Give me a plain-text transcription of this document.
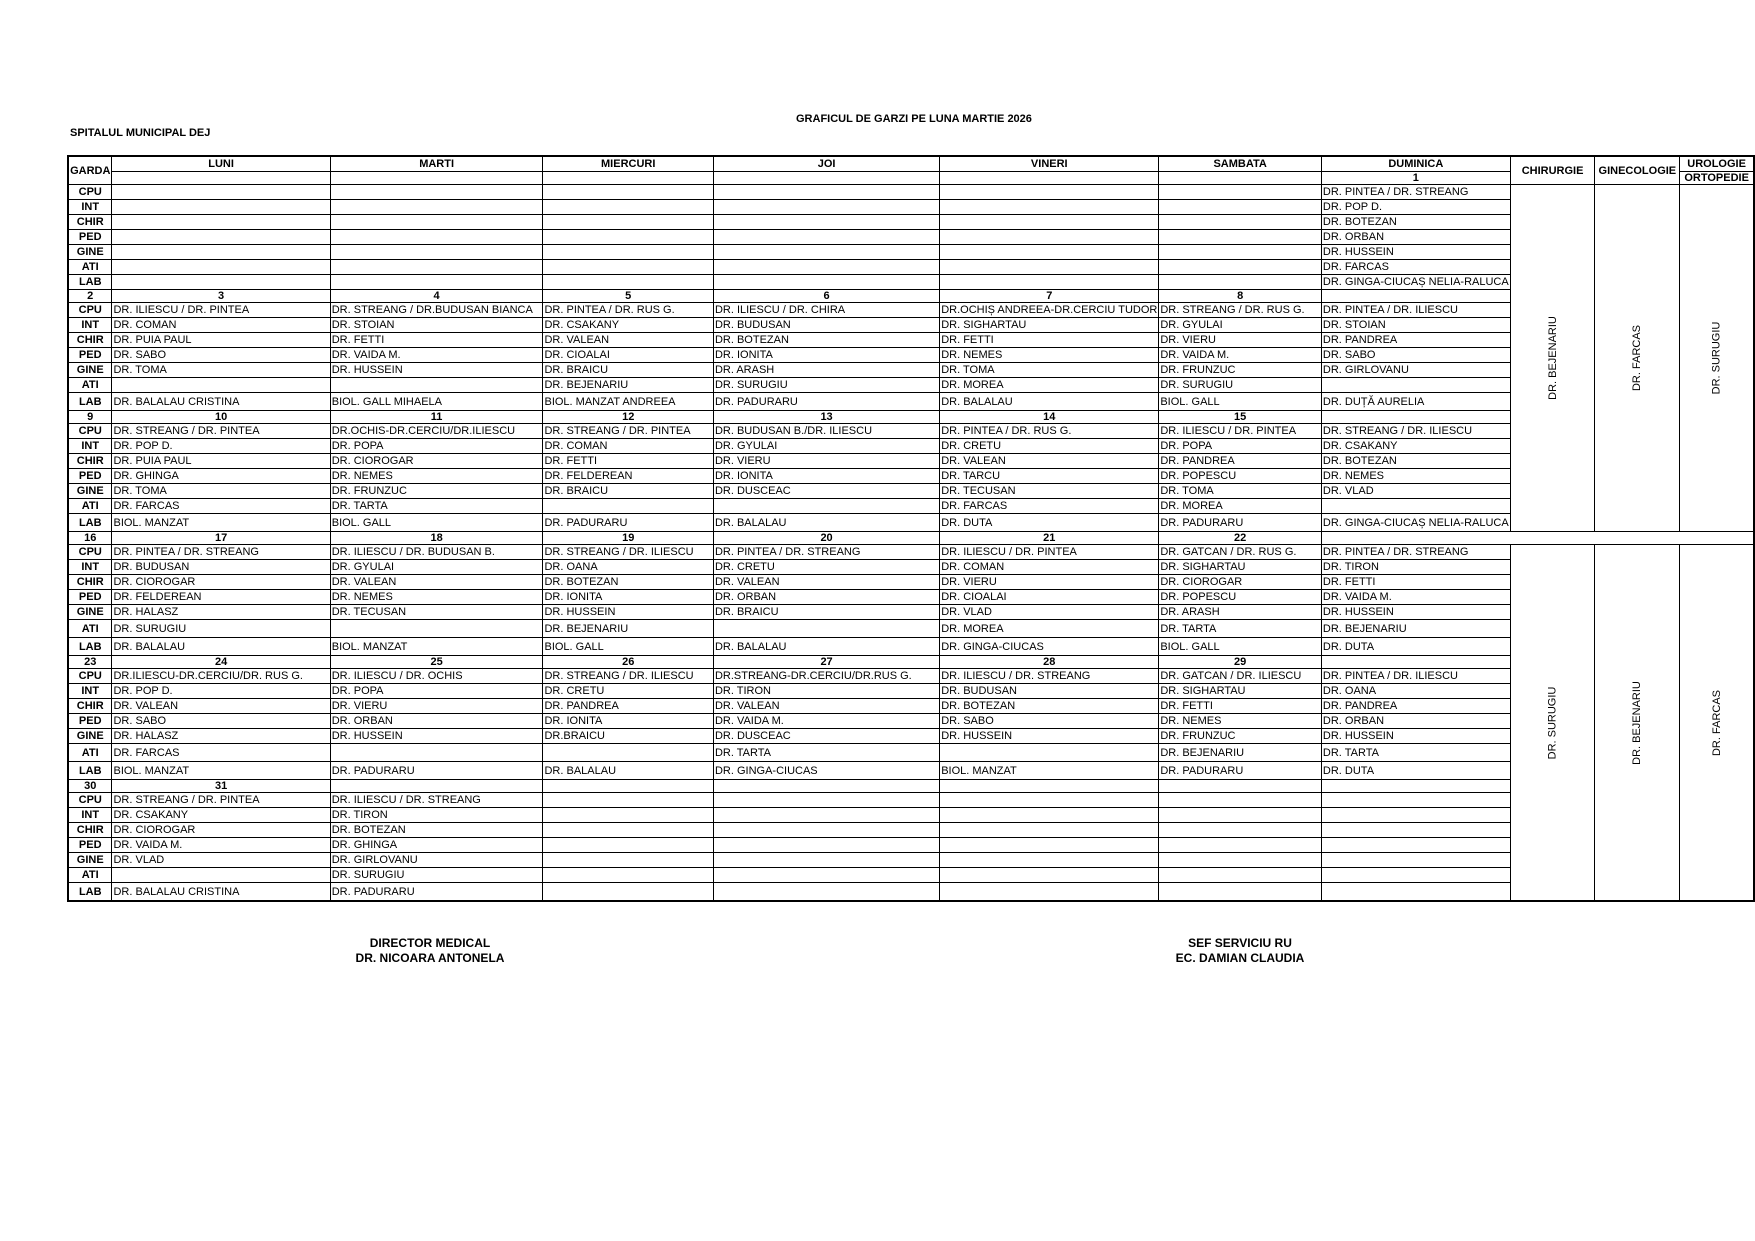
GRAFICUL DE GARZI PE LUNA MARTIE 2026
SPITALUL MUNICIPAL DEJ
GARDA	LUNI	MARTI	MIERCURI	JOI	VINERI	SAMBATA	DUMINICA	CHIRURGIE	GINECOLOGIE	UROLOGIE
							1			ORTOPEDIE
CPU							DR. PINTEA / DR. STREANG	DR. BEJENARIU	DR. FARCAS	DR. SURUGIU
INT							DR. POP D.			
CHIR							DR. BOTEZAN			
PED							DR. ORBAN			
GINE							DR. HUSSEIN			
ATI							DR. FARCAS			
LAB							DR. GINGA-CIUCAȘ NELIA-RALUCA			
2	3	4	5	6	7	8				
CPU	DR. ILIESCU / DR. PINTEA	DR. STREANG / DR.BUDUSAN BIANCA	DR. PINTEA / DR. RUS G.	DR. ILIESCU / DR. CHIRA	DR.OCHIȘ ANDREEA-DR.CERCIU TUDOR	DR. STREANG / DR. RUS G.	DR. PINTEA / DR. ILIESCU			
INT	DR. COMAN	DR. STOIAN	DR. CSAKANY	DR. BUDUSAN	DR. SIGHARTAU	DR. GYULAI	DR. STOIAN			
CHIR	DR. PUIA PAUL	DR. FETTI	DR. VALEAN	DR. BOTEZAN	DR. FETTI	DR. VIERU	DR. PANDREA			
PED	DR. SABO	DR. VAIDA M.	DR. CIOALAI	DR. IONITA	DR. NEMES	DR. VAIDA M.	DR. SABO			
GINE	DR. TOMA	DR. HUSSEIN	DR. BRAICU	DR. ARASH	DR. TOMA	DR. FRUNZUC	DR. GIRLOVANU			
ATI			DR. BEJENARIU	DR. SURUGIU	DR. MOREA	DR. SURUGIU				
LAB	DR. BALALAU CRISTINA	BIOL. GALL MIHAELA	BIOL. MANZAT ANDREEA	DR. PADURARU	DR. BALALAU	BIOL. GALL	DR. DUȚĂ AURELIA			
9	10	11	12	13	14	15				
CPU	DR. STREANG / DR. PINTEA	DR.OCHIS-DR.CERCIU/DR.ILIESCU	DR. STREANG / DR. PINTEA	DR. BUDUSAN B./DR. ILIESCU	DR. PINTEA / DR. RUS G.	DR. ILIESCU / DR. PINTEA	DR. STREANG / DR. ILIESCU			
INT	DR. POP D.	DR. POPA	DR. COMAN	DR. GYULAI	DR. CRETU	DR. POPA	DR. CSAKANY			
CHIR	DR. PUIA PAUL	DR. CIOROGAR	DR. FETTI	DR. VIERU	DR. VALEAN	DR. PANDREA	DR. BOTEZAN			
PED	DR. GHINGA	DR. NEMES	DR. FELDEREAN	DR. IONITA	DR. TARCU	DR. POPESCU	DR. NEMES			
GINE	DR. TOMA	DR. FRUNZUC	DR. BRAICU	DR. DUSCEAC	DR. TECUSAN	DR. TOMA	DR. VLAD			
ATI	DR. FARCAS	DR. TARTA			DR. FARCAS	DR. MOREA				
LAB	BIOL. MANZAT	BIOL. GALL	DR. PADURARU	DR. BALALAU	DR. DUTA	DR. PADURARU	DR. GINGA-CIUCAȘ NELIA-RALUCA			
16	17	18	19	20	21	22				
CPU	DR. PINTEA / DR. STREANG	DR. ILIESCU / DR. BUDUSAN B.	DR. STREANG / DR. ILIESCU	DR. PINTEA / DR. STREANG	DR. ILIESCU / DR. PINTEA	DR. GATCAN / DR. RUS G.	DR. PINTEA / DR. STREANG	DR. SURUGIU	DR. BEJENARIU	DR. FARCAS
INT	DR. BUDUSAN	DR. GYULAI	DR. OANA	DR. CRETU	DR. COMAN	DR. SIGHARTAU	DR. TIRON			
CHIR	DR. CIOROGAR	DR. VALEAN	DR. BOTEZAN	DR. VALEAN	DR. VIERU	DR. CIOROGAR	DR. FETTI			
PED	DR. FELDEREAN	DR. NEMES	DR. IONITA	DR. ORBAN	DR. CIOALAI	DR. POPESCU	DR. VAIDA M.			
GINE	DR. HALASZ	DR. TECUSAN	DR. HUSSEIN	DR. BRAICU	DR. VLAD	DR. ARASH	DR. HUSSEIN			
ATI	DR. SURUGIU		DR. BEJENARIU		DR. MOREA	DR. TARTA	DR. BEJENARIU			
LAB	DR. BALALAU	BIOL. MANZAT	BIOL. GALL	DR. BALALAU	DR. GINGA-CIUCAS	BIOL. GALL	DR. DUTA			
23	24	25	26	27	28	29				
CPU	DR.ILIESCU-DR.CERCIU/DR. RUS G.	DR. ILIESCU / DR. OCHIS	DR. STREANG / DR. ILIESCU	DR.STREANG-DR.CERCIU/DR.RUS G.	DR. ILIESCU / DR. STREANG	DR. GATCAN / DR. ILIESCU	DR. PINTEA / DR. ILIESCU			
INT	DR. POP D.	DR. POPA	DR. CRETU	DR. TIRON	DR. BUDUSAN	DR. SIGHARTAU	DR. OANA			
CHIR	DR. VALEAN	DR. VIERU	DR. PANDREA	DR. VALEAN	DR. BOTEZAN	DR. FETTI	DR. PANDREA			
PED	DR. SABO	DR. ORBAN	DR. IONITA	DR. VAIDA M.	DR. SABO	DR. NEMES	DR. ORBAN			
GINE	DR. HALASZ	DR. HUSSEIN	DR.BRAICU	DR. DUSCEAC	DR. HUSSEIN	DR. FRUNZUC	DR. HUSSEIN			
ATI	DR. FARCAS			DR. TARTA		DR. BEJENARIU	DR. TARTA			
LAB	BIOL. MANZAT	DR. PADURARU	DR. BALALAU	DR. GINGA-CIUCAS	BIOL. MANZAT	DR. PADURARU	DR. DUTA			
30	31									
CPU	DR. STREANG / DR. PINTEA	DR. ILIESCU / DR. STREANG								
INT	DR. CSAKANY	DR. TIRON								
CHIR	DR. CIOROGAR	DR. BOTEZAN								
PED	DR. VAIDA M.	DR. GHINGA								
GINE	DR. VLAD	DR. GIRLOVANU								
ATI		DR. SURUGIU								
LAB	DR. BALALAU CRISTINA	DR. PADURARU								
DIRECTOR MEDICAL
DR. NICOARA ANTONELA
SEF SERVICIU RU
EC. DAMIAN CLAUDIA
